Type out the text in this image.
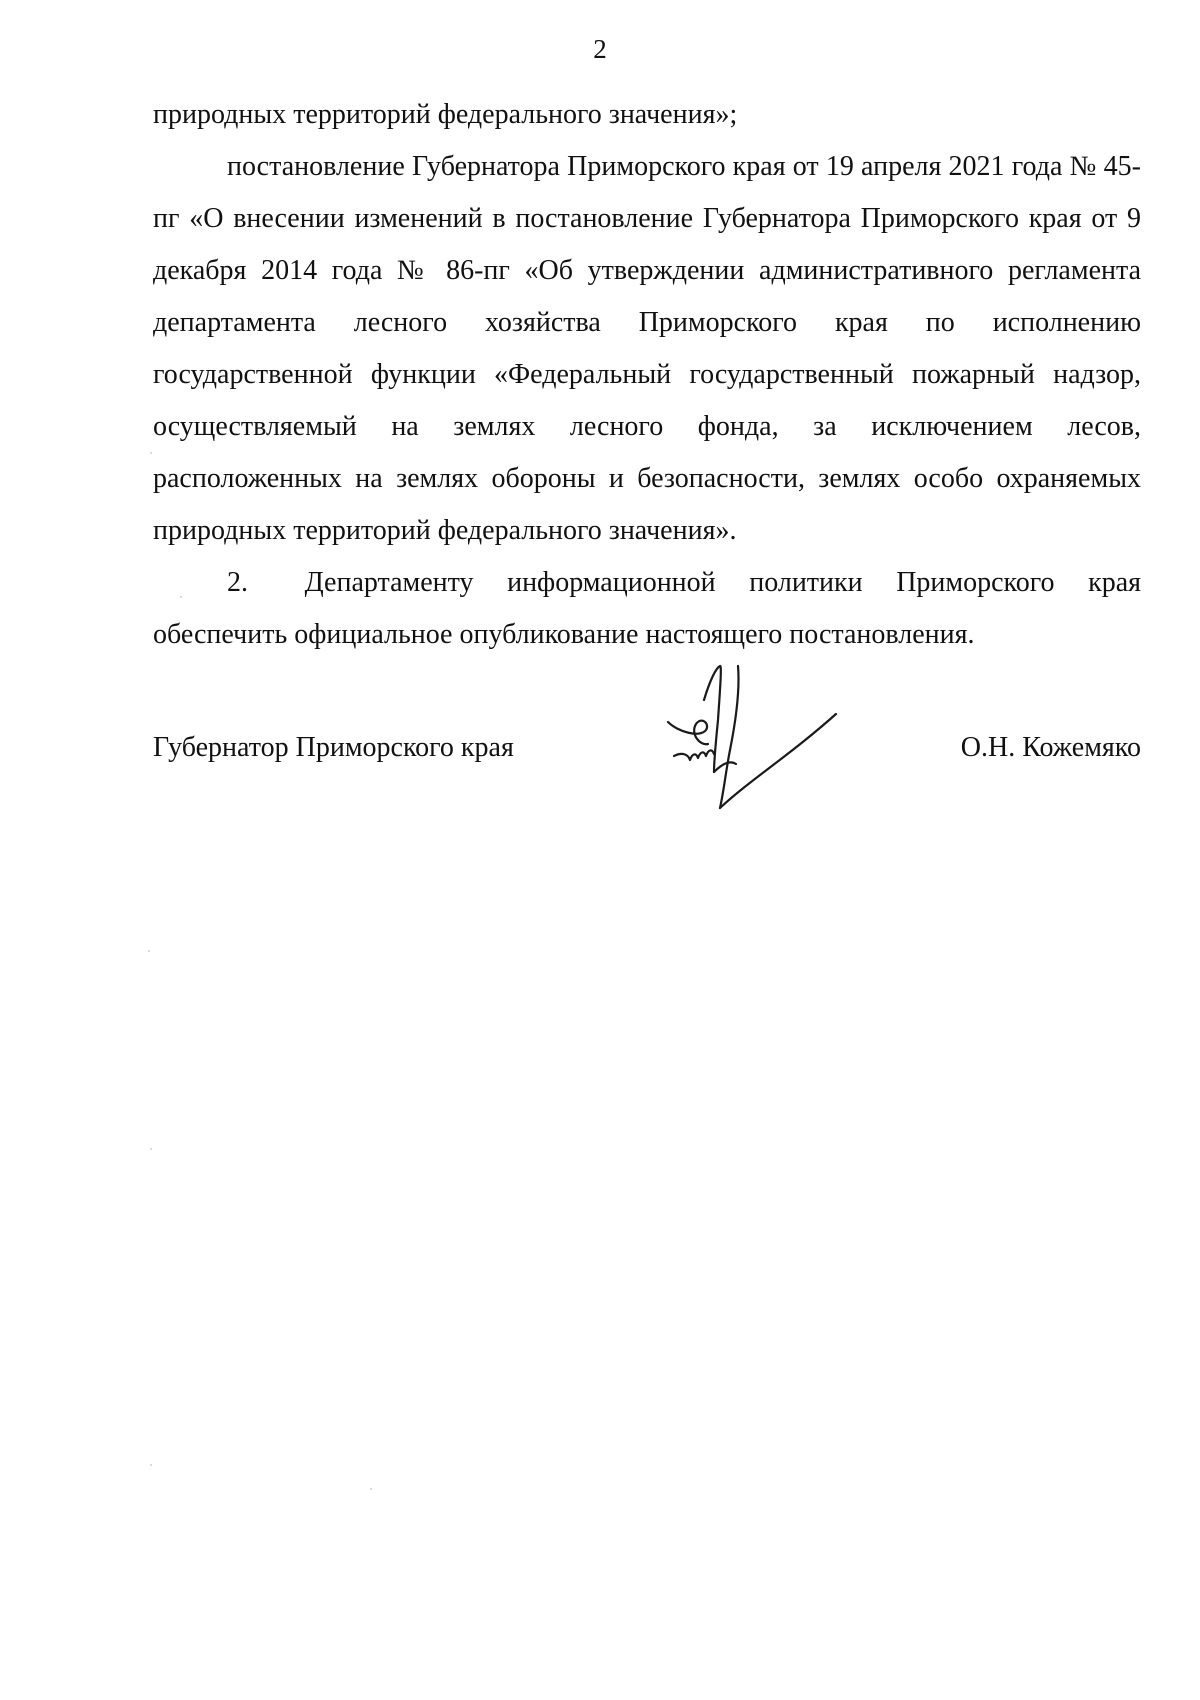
2

природных территорий федерального значения»;

постановление Губернатора Приморского края от 19 апреля 2021 года № 45-пг «О внесении изменений в постановление Губернатора Приморского края от 9 декабря 2014 года № 86-пг «Об утверждении административного регламента департамента лесного хозяйства Приморского края по исполнению государственной функции «Федеральный государственный пожарный надзор, осуществляемый на землях лесного фонда, за исключением лесов, расположенных на землях обороны и безопасности, землях особо охраняемых природных территорий федерального значения».

2. Департаменту информационной политики Приморского края обеспечить официальное опубликование настоящего постановления.

Губернатор Приморского края	О.Н. Кожемяко
